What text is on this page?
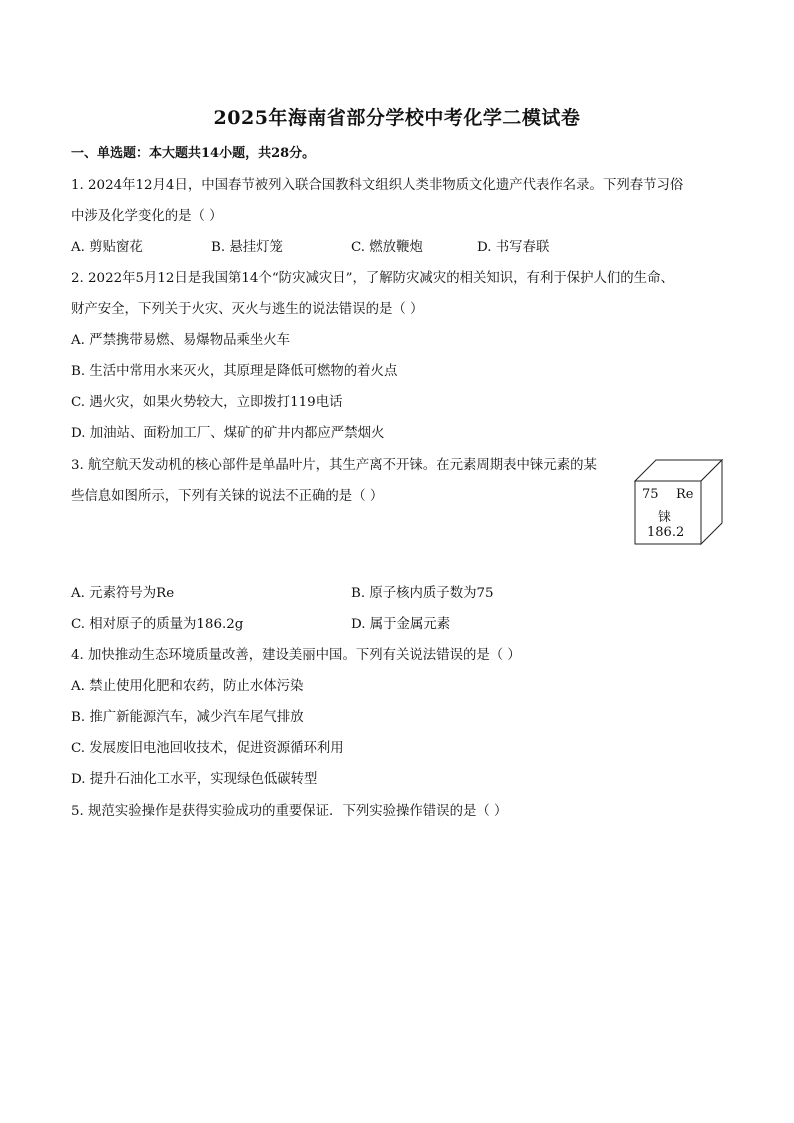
2025年海南省部分学校中考化学二模试卷
一、单选题：本大题共14小题，共28分。
1. 2024年12月4日，中国春节被列入联合国教科文组织人类非物质文化遗产代表作名录。下列春节习俗
中涉及化学变化的是（ ）
A. 剪贴窗花	B. 悬挂灯笼	C. 燃放鞭炮	D. 书写春联
2. 2022年5月12日是我国第14个“防灾减灾日”，了解防灾减灾的相关知识，有利于保护人们的生命、
财产安全，下列关于火灾、灭火与逃生的说法错误的是（ ）
A. 严禁携带易燃、易爆物品乘坐火车
B. 生活中常用水来灭火，其原理是降低可燃物的着火点
C. 遇火灾，如果火势较大，立即拨打119电话
D. 加油站、面粉加工厂、煤矿的矿井内都应严禁烟火
3. 航空航天发动机的核心部件是单晶叶片，其生产离不开铼。在元素周期表中铼元素的某
些信息如图所示，下列有关铼的说法不正确的是（ ）	75 Re
铼
186.2
A. 元素符号为Re	B. 原子核内质子数为75
C. 相对原子的质量为186.2g	D. 属于金属元素
4. 加快推动生态环境质量改善，建设美丽中国。下列有关说法错误的是（ ）
A. 禁止使用化肥和农药，防止水体污染
B. 推广新能源汽车，减少汽车尾气排放
C. 发展废旧电池回收技术，促进资源循环利用
D. 提升石油化工水平，实现绿色低碳转型
5. 规范实验操作是获得实验成功的重要保证．下列实验操作错误的是（ ）
